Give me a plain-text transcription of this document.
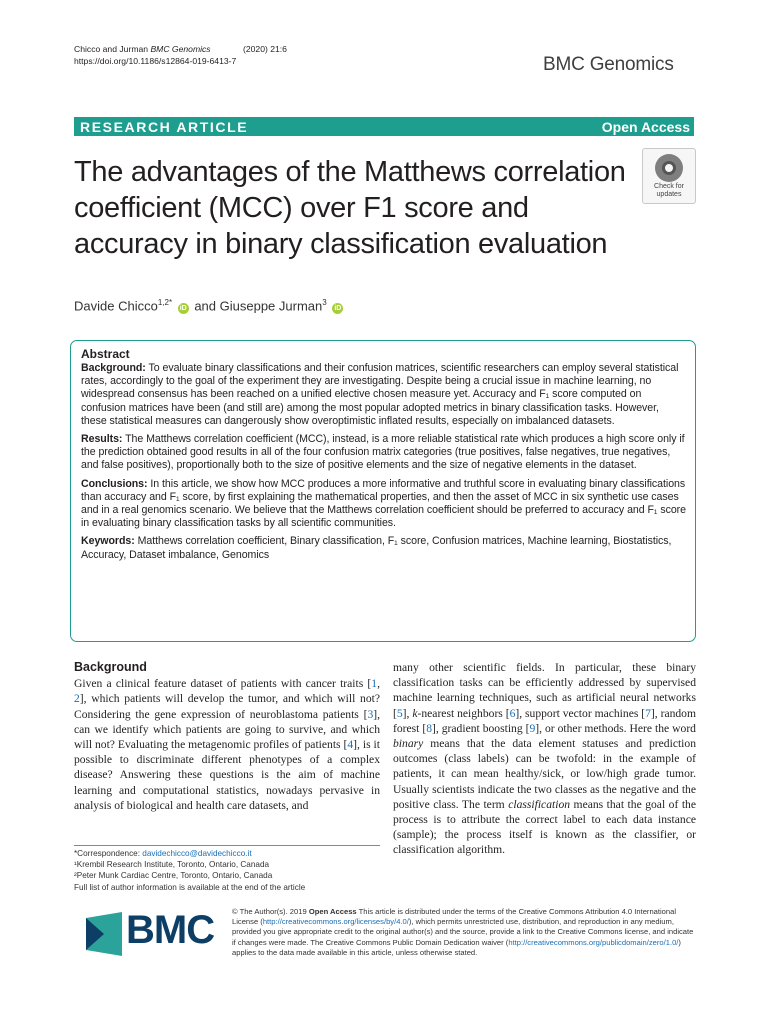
Chicco and Jurman BMC Genomics	(2020) 21:6
https://doi.org/10.1186/s12864-019-6413-7	BMC Genomics
RESEARCH ARTICLE	Open Access
The advantages of the Matthews correlation coefficient (MCC) over F1 score and accuracy in binary classification evaluation
Check for
updates
Davide Chicco$^{1,2*}$ iD and Giuseppe Jurman$^3$ iD
Abstract

Background: To evaluate binary classifications and their confusion matrices, scientific researchers can employ several statistical rates, accordingly to the goal of the experiment they are investigating. Despite being a crucial issue in machine learning, no widespread consensus has been reached on a unified elective chosen measure yet. Accuracy and F₁ score computed on confusion matrices have been (and still are) among the most popular adopted metrics in binary classification tasks. However, these statistical measures can dangerously show overoptimistic inflated results, especially on imbalanced datasets.

Results: The Matthews correlation coefficient (MCC), instead, is a more reliable statistical rate which produces a high score only if the prediction obtained good results in all of the four confusion matrix categories (true positives, false negatives, true negatives, and false positives), proportionally both to the size of positive elements and the size of negative elements in the dataset.

Conclusions: In this article, we show how MCC produces a more informative and truthful score in evaluating binary classifications than accuracy and F₁ score, by first explaining the mathematical properties, and then the asset of MCC in six synthetic use cases and in a real genomics scenario. We believe that the Matthews correlation coefficient should be preferred to accuracy and F₁ score in evaluating binary classification tasks by all scientific communities.

Keywords: Matthews correlation coefficient, Binary classification, F₁ score, Confusion matrices, Machine learning, Biostatistics, Accuracy, Dataset imbalance, Genomics

Background

Given a clinical feature dataset of patients with cancer traits [1, 2], which patients will develop the tumor, and which will not? Considering the gene expression of neuroblastoma patients [3], can we identify which patients are going to survive, and which will not? Evaluating the metagenomic profiles of patients [4], is it possible to discriminate different phenotypes of a complex disease? Answering these questions is the aim of machine learning and computational statistics, nowadays pervasive in analysis of biological and health care datasets, and

many other scientific fields. In particular, these binary classification tasks can be efficiently addressed by supervised machine learning techniques, such as artificial neural networks [5], k-nearest neighbors [6], support vector machines [7], random forest [8], gradient boosting [9], or other methods. Here the word binary means that the data element statuses and prediction outcomes (class labels) can be twofold: in the example of patients, it can mean healthy/sick, or low/high grade tumor. Usually scientists indicate the two classes as the negative and the positive class. The term classification means that the goal of the process is to attribute the correct label to each data instance (sample); the process itself is known as the classifier, or classification algorithm.

*Correspondence: davidechicco@davidechicco.it
¹Krembil Research Institute, Toronto, Ontario, Canada
²Peter Munk Cardiac Centre, Toronto, Ontario, Canada
Full list of author information is available at the end of the article
BMC © The Author(s). 2019 Open Access This article is distributed under the terms of the Creative Commons Attribution 4.0 International License (http://creativecommons.org/licenses/by/4.0/), which permits unrestricted use, distribution, and reproduction in any medium, provided you give appropriate credit to the original author(s) and the source, provide a link to the Creative Commons license, and indicate if changes were made. The Creative Commons Public Domain Dedication waiver (http://creativecommons.org/publicdomain/zero/1.0/) applies to the data made available in this article, unless otherwise stated.
